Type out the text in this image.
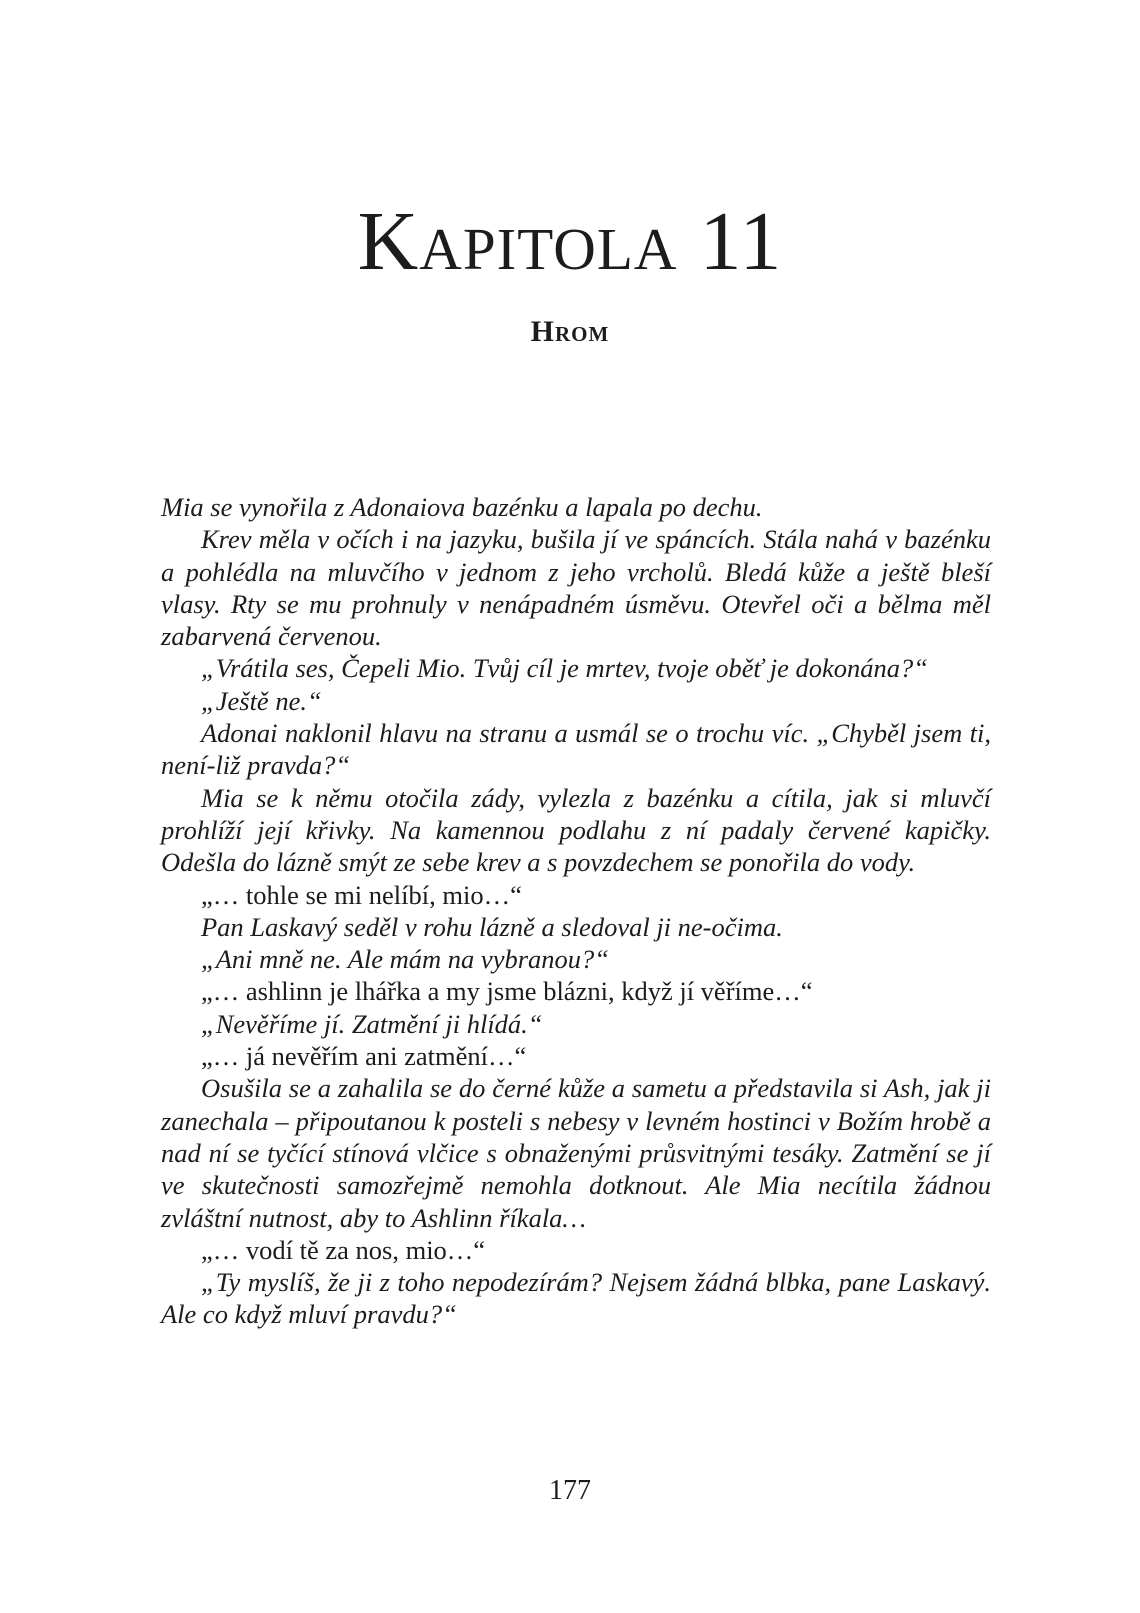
Kapitola 11
Hrom

Mia se vynořila z Adonaiova bazénku a lapala po dechu.

Krev měla v očích i na jazyku, bušila jí ve spáncích. Stála nahá v bazénku a pohlédla na mluvčího v jednom z jeho vrcholů. Bledá kůže a ještě bleší vlasy. Rty se mu prohnuly v nenápadném úsměvu. Otevřel oči a bělma měl zabarvená červenou.

„Vrátila ses, Čepeli Mio. Tvůj cíl je mrtev, tvoje oběť je dokonána?“

„Ještě ne.“

Adonai naklonil hlavu na stranu a usmál se o trochu víc. „Chyběl jsem ti, není-liž pravda?“

Mia se k němu otočila zády, vylezla z bazénku a cítila, jak si mluvčí prohlíží její křivky. Na kamennou podlahu z ní padaly červené kapičky. Odešla do lázně smýt ze sebe krev a s povzdechem se ponořila do vody.

„… tohle se mi nelíbí, mio…“

Pan Laskavý seděl v rohu lázně a sledoval ji ne-očima.

„Ani mně ne. Ale mám na vybranou?“

„… ashlinn je lhářka a my jsme blázni, když jí věříme…“

„Nevěříme jí. Zatmění ji hlídá.“

„… já nevěřím ani zatmění…“

Osušila se a zahalila se do černé kůže a sametu a představila si Ash, jak ji zanechala – připoutanou k posteli s nebesy v levném hostinci v Božím hrobě a nad ní se tyčící stínová vlčice s obnaženými průsvitnými tesáky. Zatmění se jí ve skutečnosti samozřejmě nemohla dotknout. Ale Mia necítila žádnou zvláštní nutnost, aby to Ashlinn říkala…

„… vodí tě za nos, mio…“

„Ty myslíš, že ji z toho nepodezírám? Nejsem žádná blbka, pane Laskavý. Ale co když mluví pravdu?“

177
